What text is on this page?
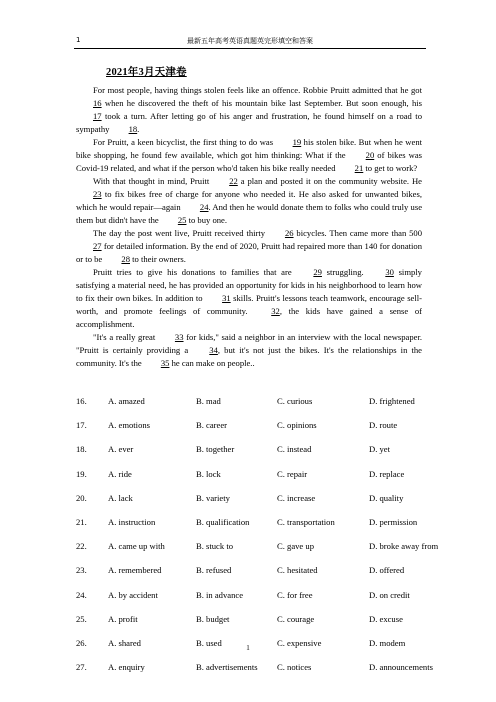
1	最新五年高考英语真题英完形填空和答案
2021年3月天津卷

For most people, having things stolen feels like an offence. Robbie Pruitt admitted that he got 16 when he discovered the theft of his mountain bike last September. But soon enough, his 17 took a turn. After letting go of his anger and frustration, he found himself on a road to sympathy 18.

For Pruitt, a keen bicyclist, the first thing to do was 19 his stolen bike. But when he went bike shopping, he found few available, which got him thinking: What if the 20 of bikes was Covid-19 related, and what if the person who'd taken his bike really needed 21 to get to work?

With that thought in mind, Pruitt 22 a plan and posted it on the community website. He 23 to fix bikes free of charge for anyone who needed it. He also asked for unwanted bikes, which he would repair—again 24. And then he would donate them to folks who could truly use them but didn't have the 25 to buy one.

The day the post went live, Pruitt received thirty 26 bicycles. Then came more than 500 27 for detailed information. By the end of 2020, Pruitt had repaired more than 140 for donation or to be 28 to their owners.

Pruitt tries to give his donations to families that are 29 struggling. 30 simply satisfying a material need, he has provided an opportunity for kids in his neighborhood to learn how to fix their own bikes. In addition to 31 skills. Pruitt's lessons teach teamwork, encourage sell-worth, and promote feelings of community. 32, the kids have gained a sense of accomplishment.

"It's a really great 33 for kids," said a neighbor in an interview with the local newspaper. "Pruitt is certainly providing a 34, but it's not just the bikes. It's the relationships in the community. It's the 35 he can make on people..

16. A. amazed	B. mad	C. curious	D. frightened
17. A. emotions	B. career	C. opinions	D. route
18. A. ever	B. together	C. instead	D. yet
19. A. ride	B. lock	C. repair	D. replace
20. A. lack	B. variety	C. increase	D. quality
21. A. instruction	B. qualification	C. transportation	D. permission
22. A. came up with	B. stuck to	C. gave up	D. broke away from
23. A. remembered	B. refused	C. hesitated	D. offered
24. A. by accident	B. in advance	C. for free	D. on credit
25. A. profit	B. budget	C. courage	D. excuse
26. A. shared	B. used	C. expensive	D. modem
27. A. enquiry	B. advertisements C. notices	D. announcements
1
